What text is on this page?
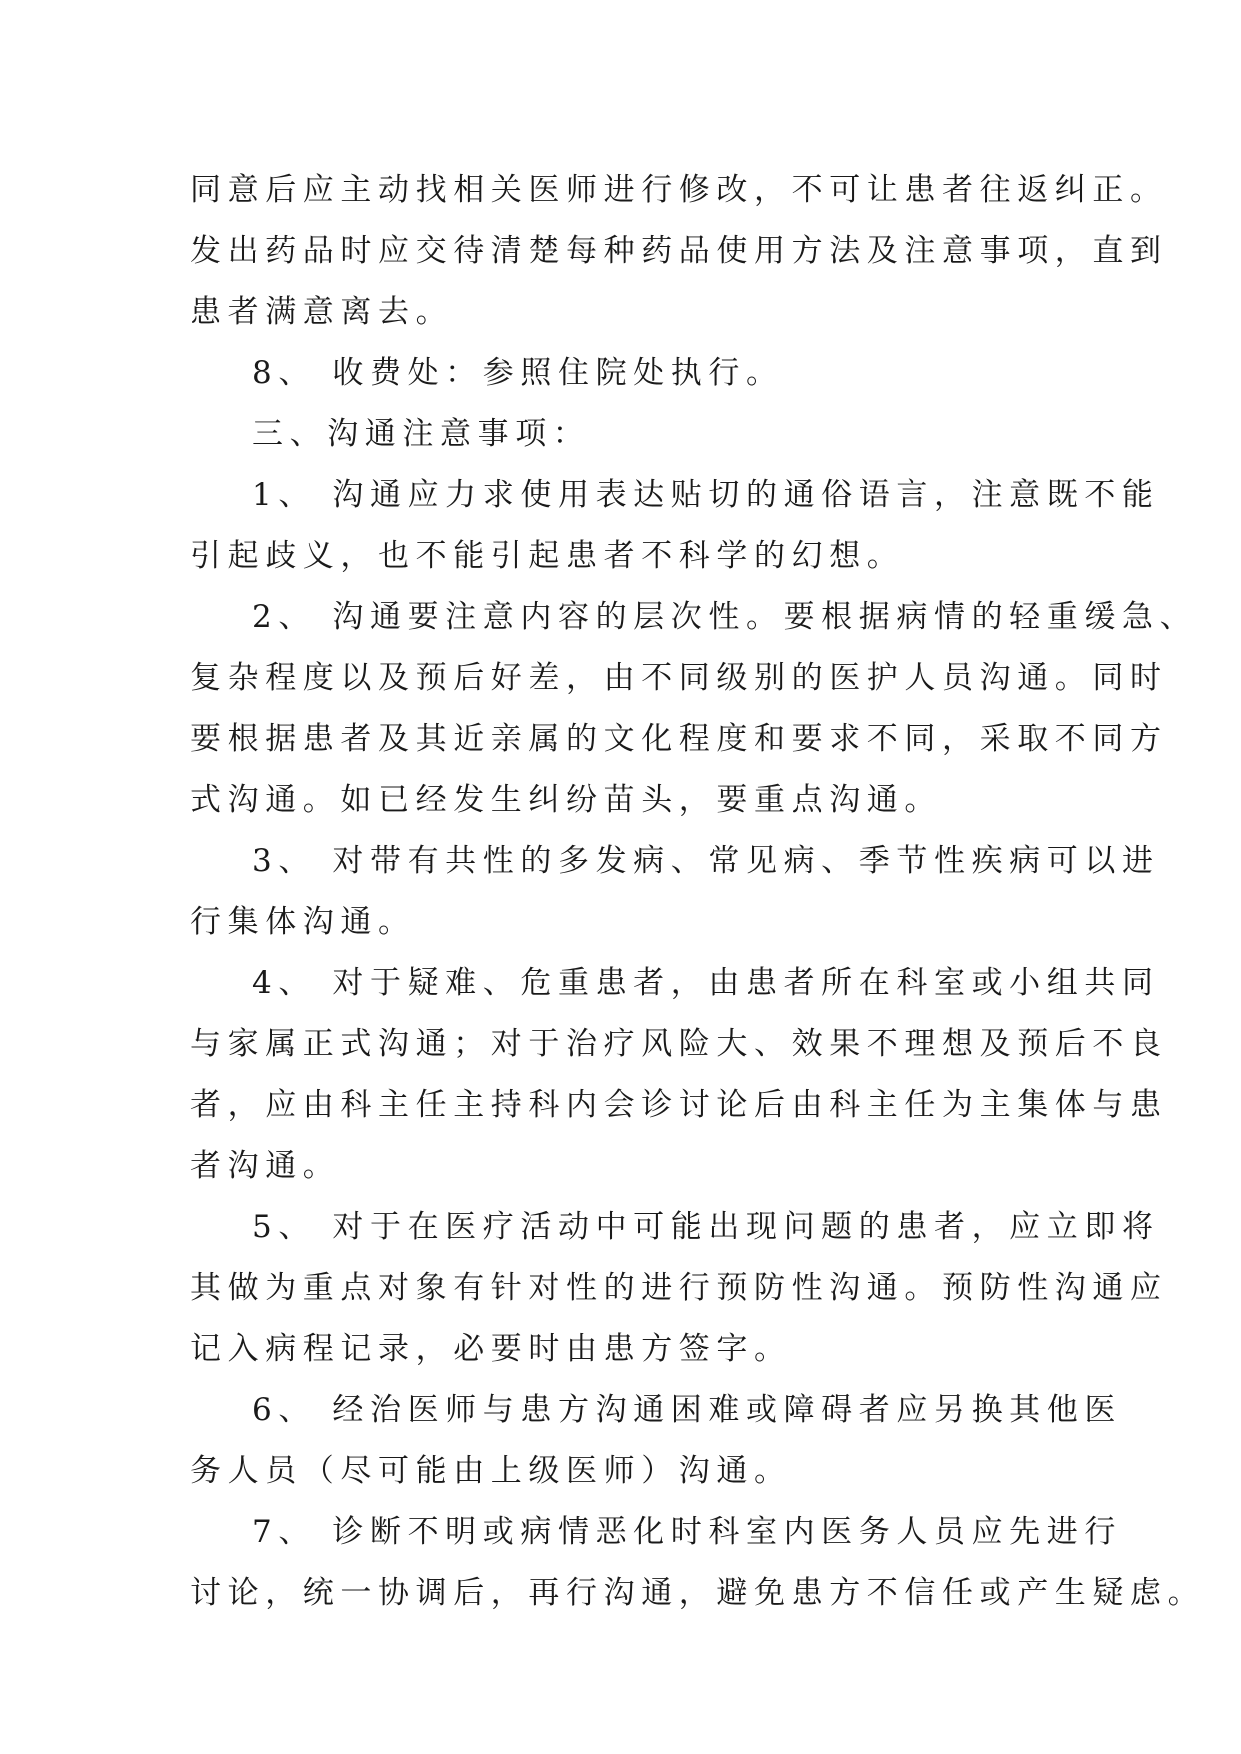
同意后应主动找相关医师进行修改，不可让患者往返纠正。
发出药品时应交待清楚每种药品使用方法及注意事项，直到
患者满意离去。
8、 收费处：参照住院处执行。
三、沟通注意事项：
1、 沟通应力求使用表达贴切的通俗语言，注意既不能
引起歧义，也不能引起患者不科学的幻想。
2、 沟通要注意内容的层次性。要根据病情的轻重缓急、
复杂程度以及预后好差，由不同级别的医护人员沟通。同时
要根据患者及其近亲属的文化程度和要求不同，采取不同方
式沟通。如已经发生纠纷苗头，要重点沟通。
3、 对带有共性的多发病、常见病、季节性疾病可以进
行集体沟通。
4、 对于疑难、危重患者，由患者所在科室或小组共同
与家属正式沟通；对于治疗风险大、效果不理想及预后不良
者，应由科主任主持科内会诊讨论后由科主任为主集体与患
者沟通。
5、 对于在医疗活动中可能出现问题的患者，应立即将
其做为重点对象有针对性的进行预防性沟通。预防性沟通应
记入病程记录，必要时由患方签字。
6、 经治医师与患方沟通困难或障碍者应另换其他医
务人员（尽可能由上级医师）沟通。
7、 诊断不明或病情恶化时科室内医务人员应先进行
讨论，统一协调后，再行沟通，避免患方不信任或产生疑虑。
